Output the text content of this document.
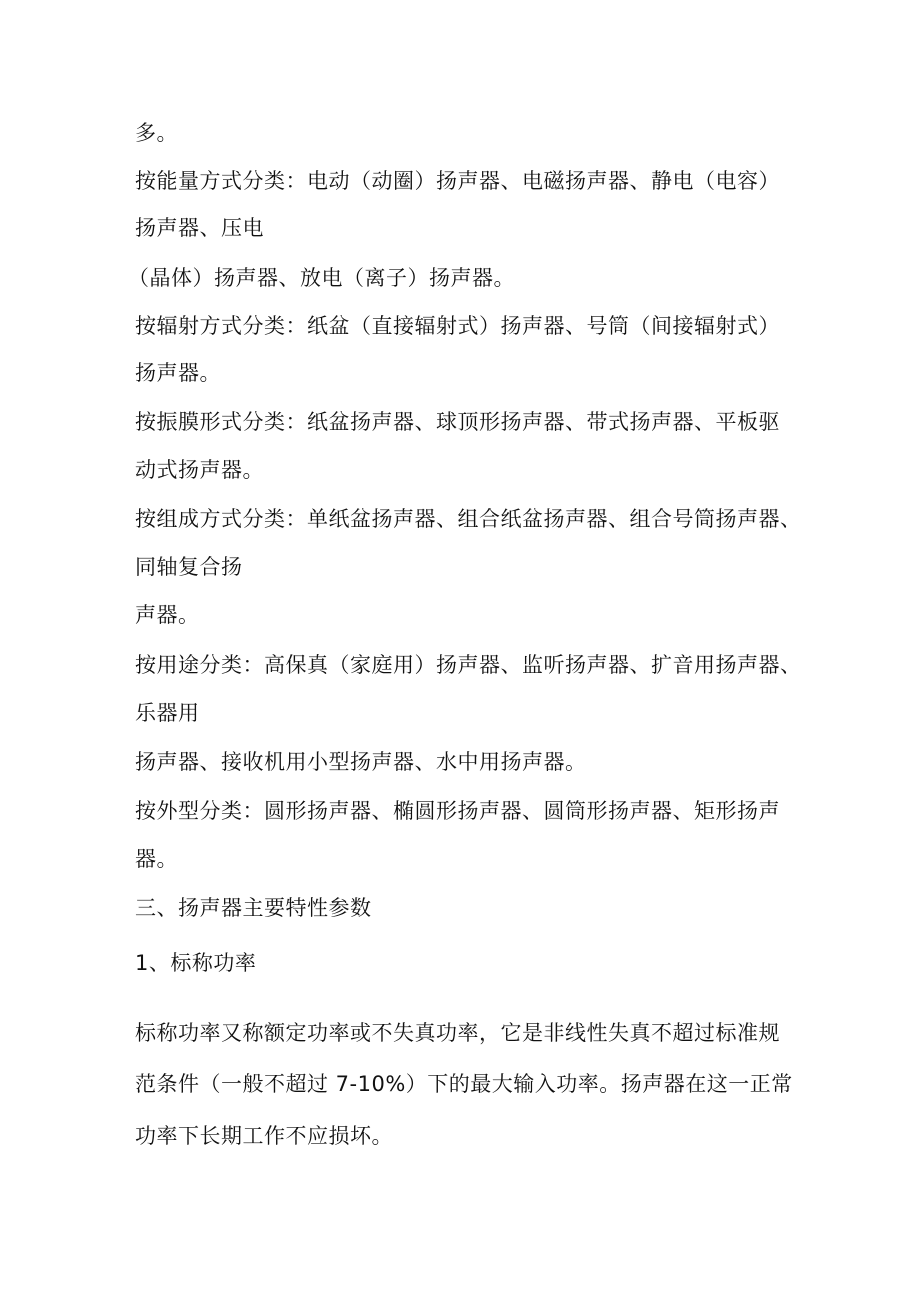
多。

按能量方式分类：电动（动圈）扬声器、电磁扬声器、静电（电容）

扬声器、压电

（晶体）扬声器、放电（离子）扬声器。

按辐射方式分类：纸盆（直接辐射式）扬声器、号筒（间接辐射式）

扬声器。

按振膜形式分类：纸盆扬声器、球顶形扬声器、带式扬声器、平板驱

动式扬声器。

按组成方式分类：单纸盆扬声器、组合纸盆扬声器、组合号筒扬声器、

同轴复合扬

声器。

按用途分类：高保真（家庭用）扬声器、监听扬声器、扩音用扬声器、

乐器用

扬声器、接收机用小型扬声器、水中用扬声器。

按外型分类：圆形扬声器、椭圆形扬声器、圆筒形扬声器、矩形扬声

器。

三、扬声器主要特性参数

1、标称功率

标称功率又称额定功率或不失真功率，它是非线性失真不超过标准规

范条件（一般不超过 7-10%）下的最大输入功率。扬声器在这一正常

功率下长期工作不应损坏。
